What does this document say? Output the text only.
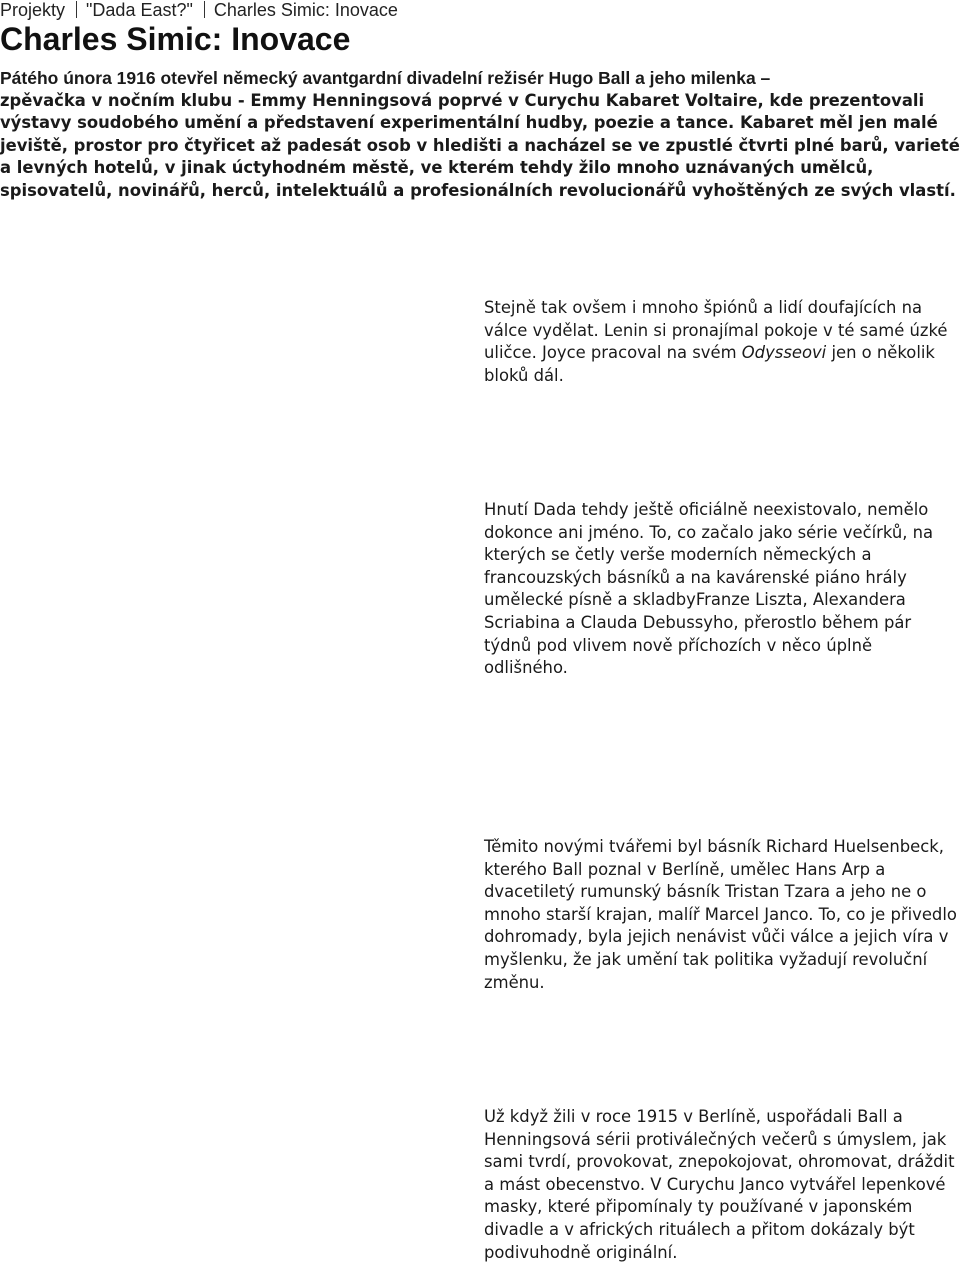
Projekty "Dada East?" Charles Simic: Inovace
Charles Simic: Inovace

Pátého února 1916 otevřel německý avantgardní divadelní režisér Hugo Ball a jeho milenka –

zpěvačka v nočním klubu - Emmy Henningsová poprvé v Curychu Kabaret Voltaire, kde prezentovali výstavy soudobého umění a představení experimentální hudby, poezie a tance. Kabaret měl jen malé jeviště, prostor pro čtyřicet až padesát osob v hledišti a nacházel se ve zpustlé čtvrti plné barů, varieté a levných hotelů, v jinak úctyhodném městě, ve kterém tehdy žilo mnoho uznávaných umělců, spisovatelů, novinářů, herců, intelektuálů a profesionálních revolucionářů vyhoštěných ze svých vlastí.

Stejně tak ovšem i mnoho špiónů a lidí doufajících na válce vydělat. Lenin si pronajímal pokoje v té samé úzké uličce. Joyce pracoval na svém Odysseovi jen o několik bloků dál.

Hnutí Dada tehdy ještě oficiálně neexistovalo, nemělo dokonce ani jméno. To, co začalo jako série večírků, na kterých se četly verše moderních německých a francouzských básníků a na kavárenské piáno hrály umělecké písně a skladbyFranze Liszta, Alexandera Scriabina a Clauda Debussyho, přerostlo během pár týdnů pod vlivem nově příchozích v něco úplně odlišného.

Těmito novými tvářemi byl básník Richard Huelsenbeck, kterého Ball poznal v Berlíně, umělec Hans Arp a dvacetiletý rumunský básník Tristan Tzara a jeho ne o mnoho starší krajan, malíř Marcel Janco. To, co je přivedlo dohromady, byla jejich nenávist vůči válce a jejich víra v myšlenku, že jak umění tak politika vyžadují revoluční změnu.

Už když žili v roce 1915 v Berlíně, uspořádali Ball a Henningsová sérii protiválečných večerů s úmyslem, jak sami tvrdí, provokovat, znepokojovat, ohromovat, dráždit a mást obecenstvo. V Curychu Janco vytvářel lepenkové masky, které připomínaly ty používané v japonském divadle a v afrických rituálech a přitom dokázaly být podivuhodně originální.
